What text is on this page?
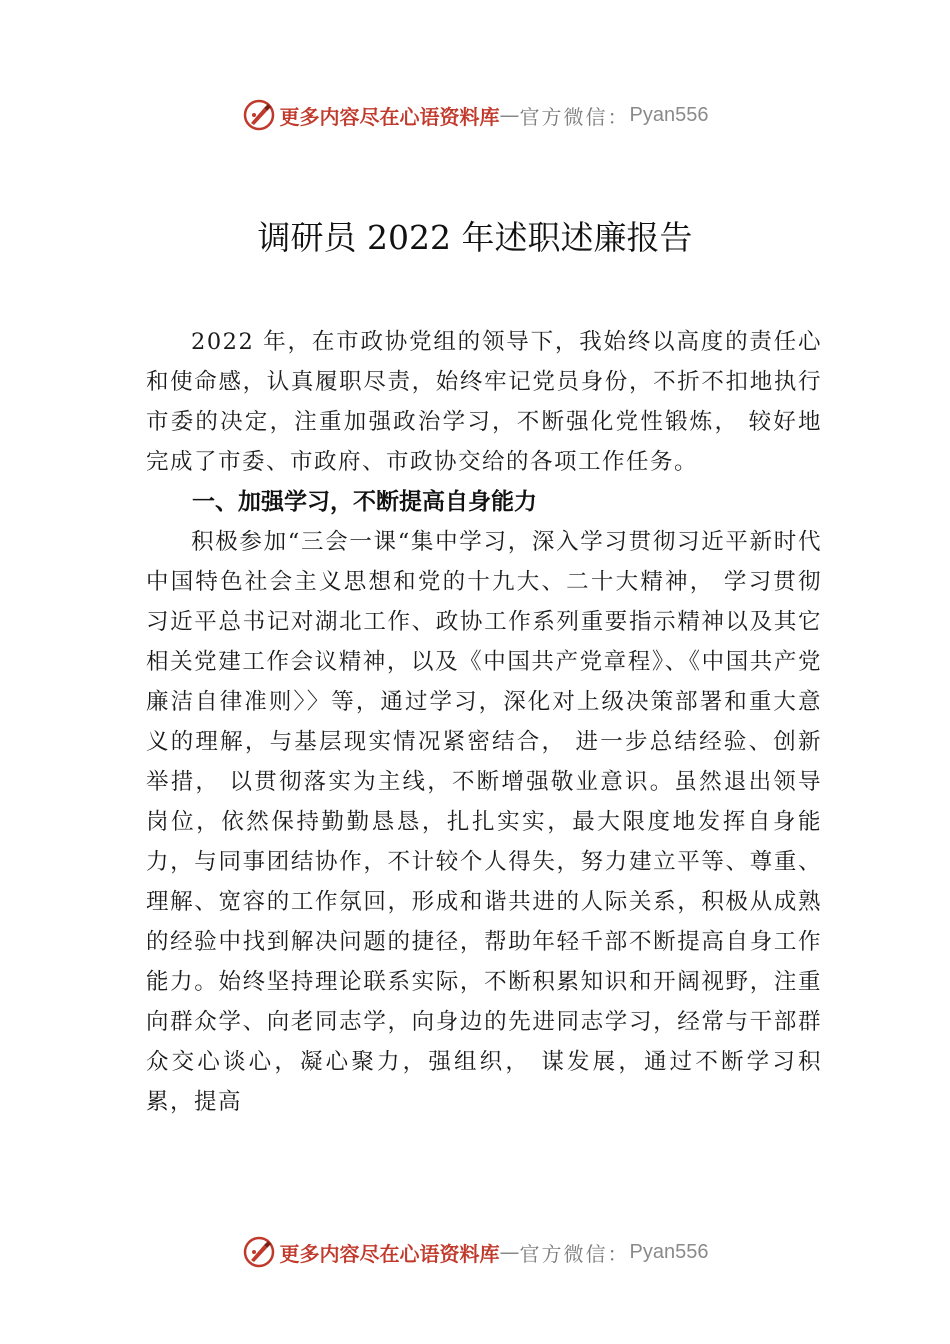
更多内容尽在心语资料库 — 官方微信： Pyan556
调研员 2022 年述职述廉报告

2022 年，在市政协党组的领导下，我始终以高度的责任心和使命感，认真履职尽责，始终牢记党员身份，不折不扣地执行市委的决定，注重加强政治学习，不断强化党性锻炼， 较好地完成了市委、市政府、市政协交给的各项工作任务。

一、加强学习，不断提高自身能力

积极参加“三会一课“集中学习，深入学习贯彻习近平新时代中国特色社会主义思想和党的十九大、二十大精神， 学习贯彻习近平总书记对湖北工作、政协工作系列重要指示精神以及其它相关党建工作会议精神，以及《中国共产党章程》、《中国共产党廉洁自律准则〉〉等，通过学习，深化对上级决策部署和重大意义的理解，与基层现实情况紧密结合， 进一步总结经验、创新举措， 以贯彻落实为主线，不断增强敬业意识。虽然退出领导岗位，依然保持勤勤恳恳，扎扎实实，最大限度地发挥自身能力，与同事团结协作，不计较个人得失，努力建立平等、尊重、理解、宽容的工作氛回，形成和谐共进的人际关系，积极从成熟的经验中找到解决问题的捷径，帮助年轻千部不断提高自身工作能力。始终坚持理论联系实际，不断积累知识和开阔视野，注重向群众学、向老同志学，向身边的先进同志学习，经常与干部群众交心谈心，凝心聚力，强组织， 谋发展，通过不断学习积累，提高

更多内容尽在心语资料库 — 官方微信： Pyan556
